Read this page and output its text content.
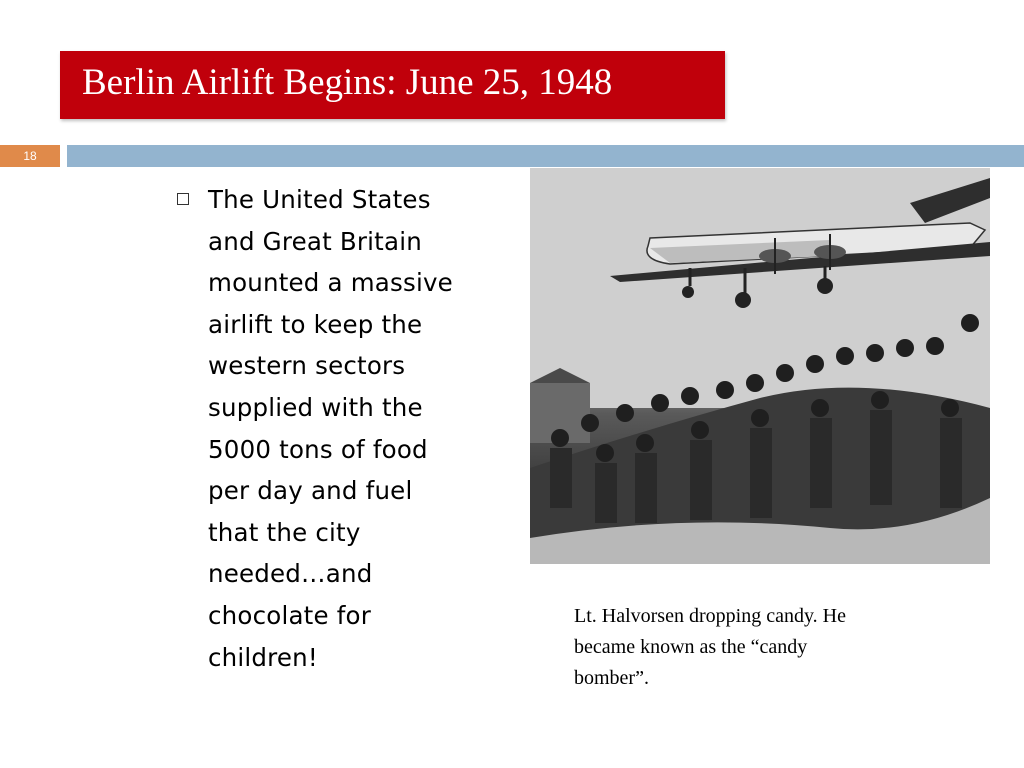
Berlin Airlift Begins: June 25, 1948
18
The United States
and Great Britain
mounted a massive
airlift to keep the
western sectors
supplied with the
5000 tons of food
per day and fuel
that the city
needed…and
chocolate for
children!
Lt. Halvorsen dropping candy. He
became known as the “candy
bomber”.
